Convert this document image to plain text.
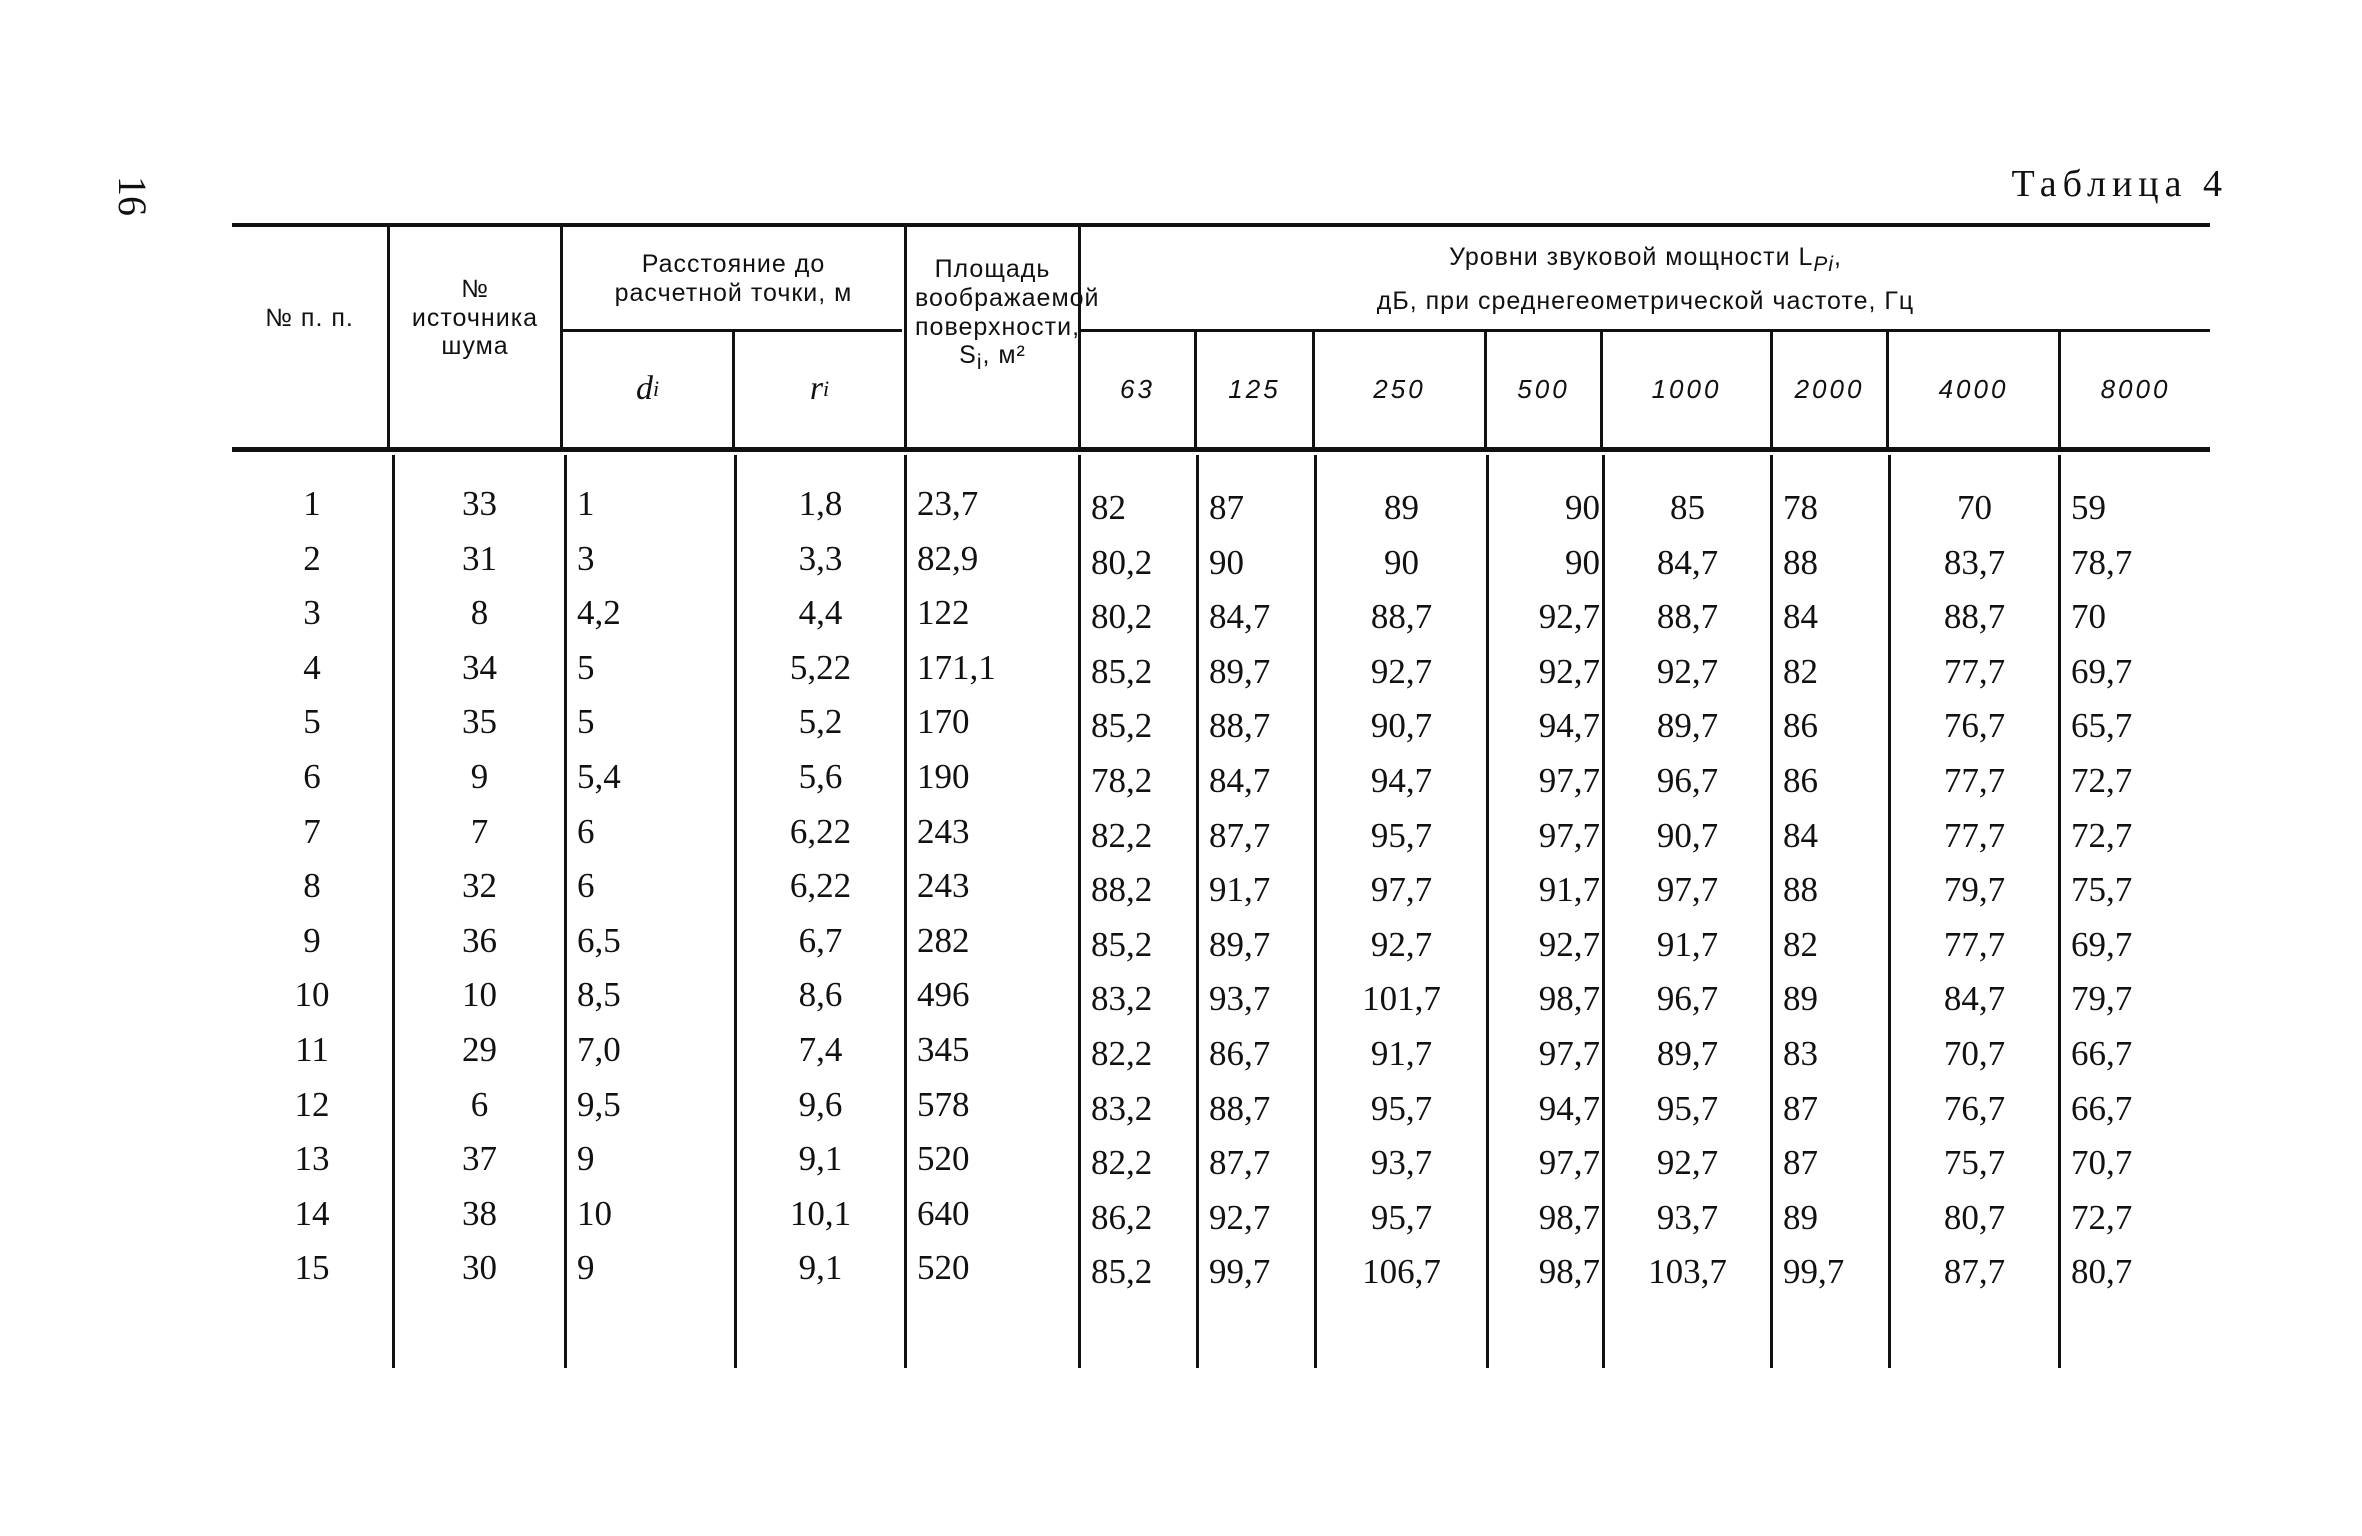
16	Таблица 4
№ п. п.
№ источника шума
Расстояние до расчетной точки, м
d i	r i
Площадь воображаемой поверхности, $S_i$, м²
Уровни звуковой мощности $L_{Pi}$,
дБ, при среднегеометрической частоте, Гц
63	125	250	500	1000	2000	4000	8000
1	33	1	1,8	23,7	82	87	89	90	85	78	70	59
2	31	3	3,3	82,9	80,2	90	90	90	84,7	88	83,7	78,7
3	8	4,2	4,4	122	80,2	84,7	88,7	92,7	88,7	84	88,7	70
4	34	5	5,22	171,1	85,2	89,7	92,7	92,7	92,7	82	77,7	69,7
5	35	5	5,2	170	85,2	88,7	90,7	94,7	89,7	86	76,7	65,7
6	9	5,4	5,6	190	78,2	84,7	94,7	97,7	96,7	86	77,7	72,7
7	7	6	6,22	243	82,2	87,7	95,7	97,7	90,7	84	77,7	72,7
8	32	6	6,22	243	88,2	91,7	97,7	91,7	97,7	88	79,7	75,7
9	36	6,5	6,7	282	85,2	89,7	92,7	92,7	91,7	82	77,7	69,7
10	10	8,5	8,6	496	83,2	93,7	101,7	98,7	96,7	89	84,7	79,7
11	29	7,0	7,4	345	82,2	86,7	91,7	97,7	89,7	83	70,7	66,7
12	6	9,5	9,6	578	83,2	88,7	95,7	94,7	95,7	87	76,7	66,7
13	37	9	9,1	520	82,2	87,7	93,7	97,7	92,7	87	75,7	70,7
14	38	10	10,1	640	86,2	92,7	95,7	98,7	93,7	89	80,7	72,7
15	30	9	9,1	520	85,2	99,7	106,7	98,7	103,7	99,7	87,7	80,7
